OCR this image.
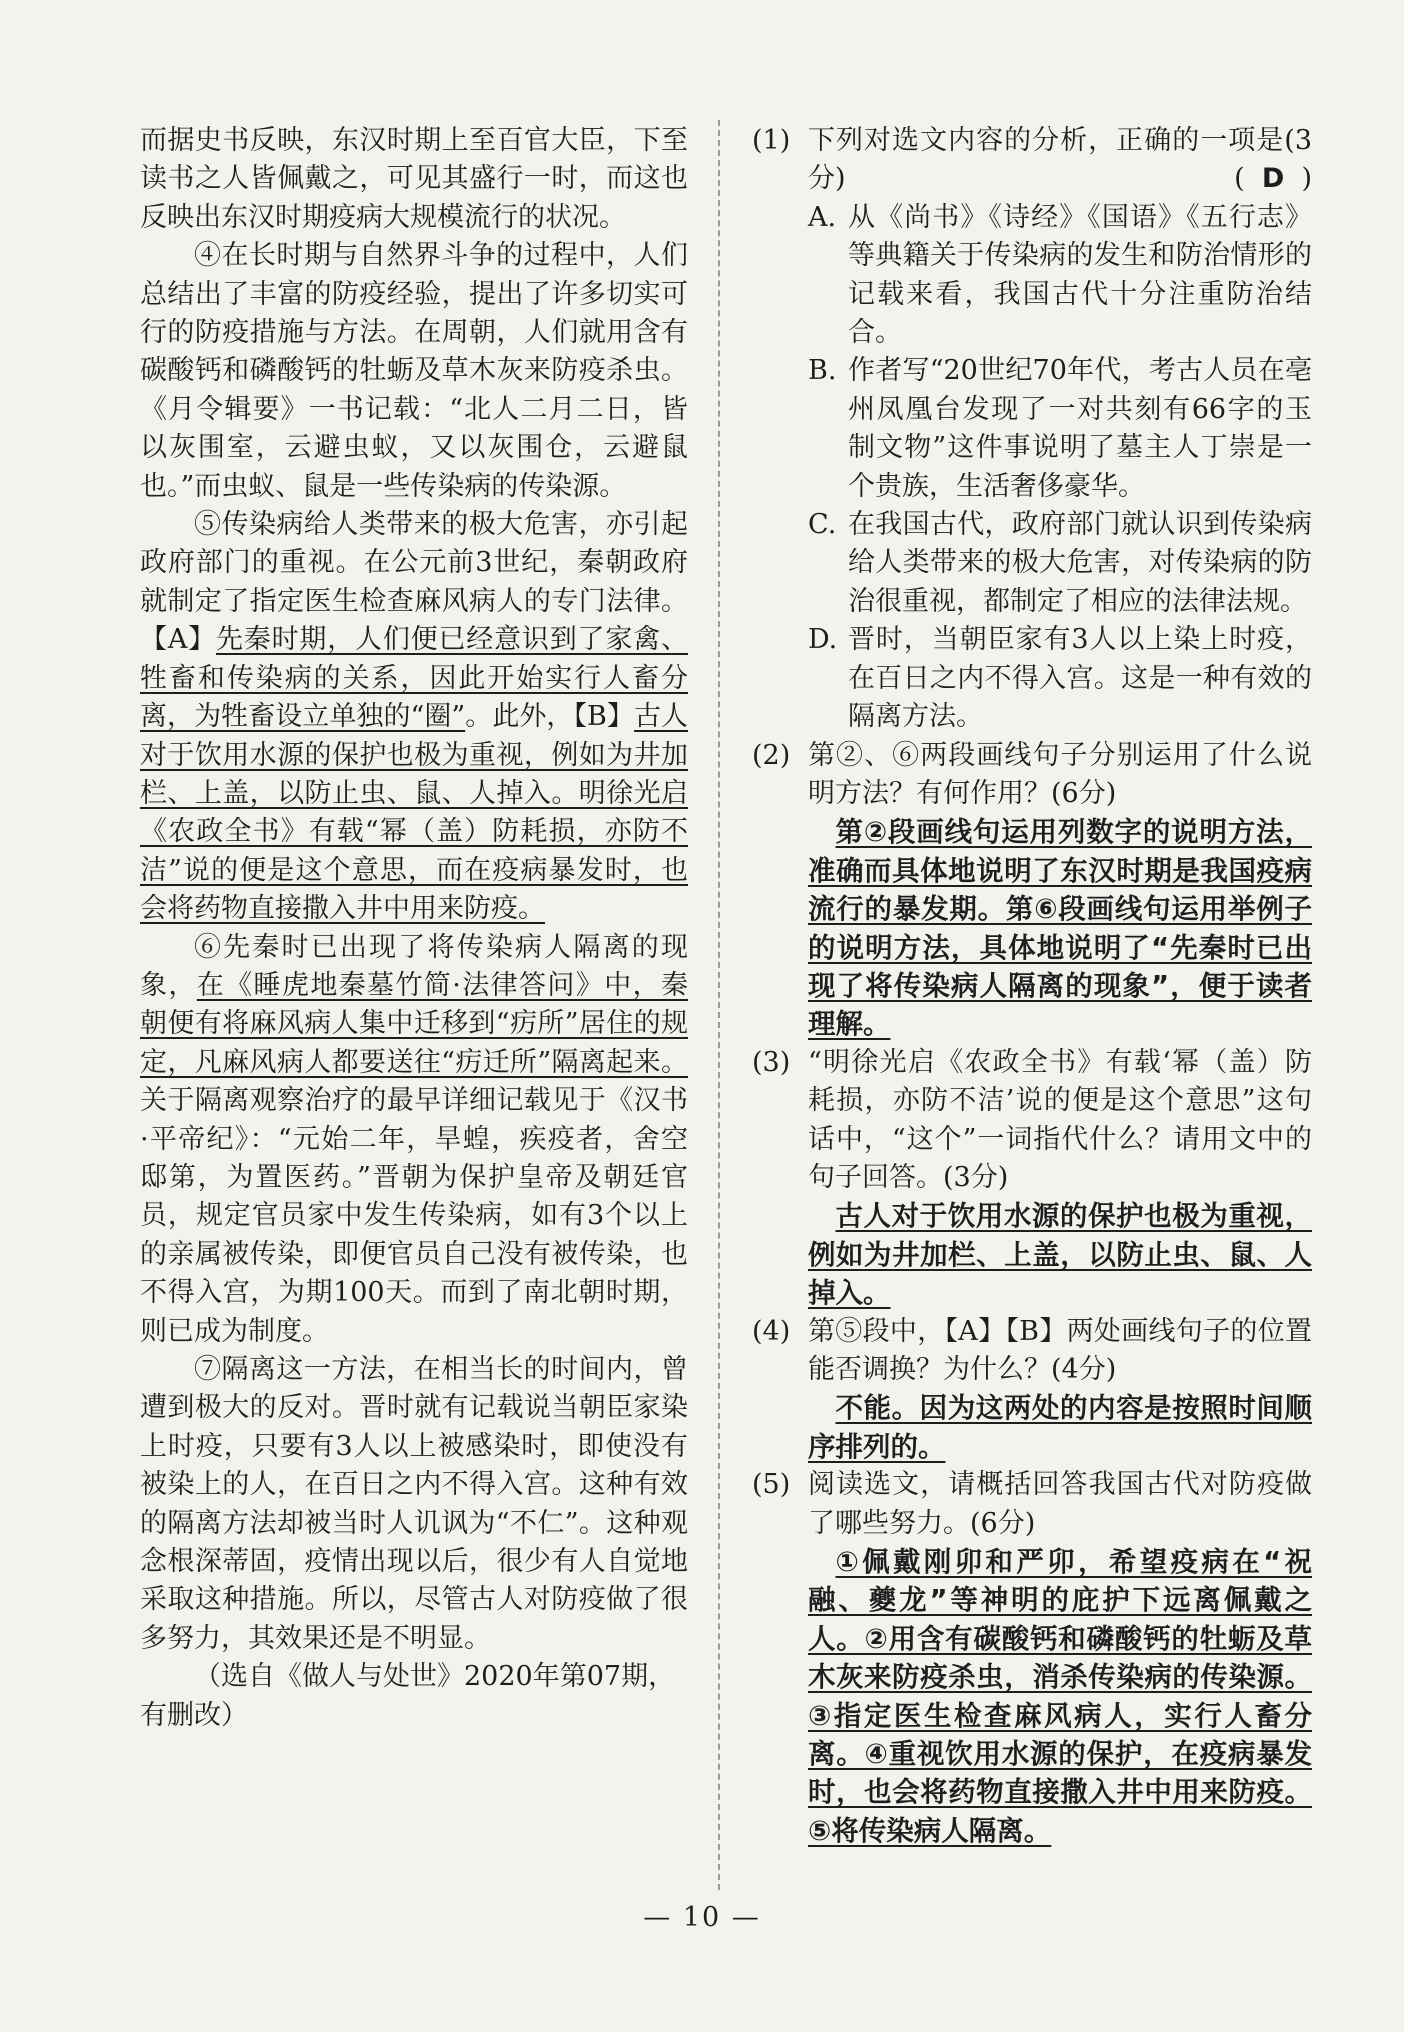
而据史书反映，东汉时期上至百官大臣，下至读书之人皆佩戴之，可见其盛行一时，而这也反映出东汉时期疫病大规模流行的状况。

④在长时期与自然界斗争的过程中，人们总结出了丰富的防疫经验，提出了许多切实可行的防疫措施与方法。在周朝，人们就用含有碳酸钙和磷酸钙的牡蛎及草木灰来防疫杀虫。《月令辑要》一书记载：“北人二月二日，皆以灰围室，云避虫蚁，又以灰围仓，云避鼠也。”而虫蚁、鼠是一些传染病的传染源。

⑤传染病给人类带来的极大危害，亦引起政府部门的重视。在公元前3世纪，秦朝政府就制定了指定医生检查麻风病人的专门法律。【A】先秦时期，人们便已经意识到了家禽、牲畜和传染病的关系，因此开始实行人畜分离，为牲畜设立单独的“圈”。此外，【B】古人对于饮用水源的保护也极为重视，例如为井加栏、上盖，以防止虫、鼠、人掉入。明徐光启《农政全书》有载“幂（盖）防耗损，亦防不洁”说的便是这个意思，而在疫病暴发时，也会将药物直接撒入井中用来防疫。

⑥先秦时已出现了将传染病人隔离的现象，在《睡虎地秦墓竹简·法律答问》中，秦朝便有将麻风病人集中迁移到“疠所”居住的规定，凡麻风病人都要送往“疠迁所”隔离起来。关于隔离观察治疗的最早详细记载见于《汉书·平帝纪》：“元始二年，旱蝗，疾疫者，舍空邸第，为置医药。”晋朝为保护皇帝及朝廷官员，规定官员家中发生传染病，如有3个以上的亲属被传染，即便官员自己没有被传染，也不得入宫，为期100天。而到了南北朝时期，则已成为制度。

⑦隔离这一方法，在相当长的时间内，曾遭到极大的反对。晋时就有记载说当朝臣家染上时疫，只要有3人以上被感染时，即使没有被染上的人，在百日之内不得入宫。这种有效的隔离方法却被当时人讥讽为“不仁”。这种观念根深蒂固，疫情出现以后，很少有人自觉地采取这种措施。所以，尽管古人对防疫做了很多努力，其效果还是不明显。

（选自《做人与处世》2020年第07期，有删改）

(1) 下列对选文内容的分析，正确的一项是(3分)	( D )

A. 从《尚书》《诗经》《国语》《五行志》等典籍关于传染病的发生和防治情形的记载来看，我国古代十分注重防治结合。

B. 作者写“20世纪70年代，考古人员在亳州凤凰台发现了一对共刻有66字的玉制文物”这件事说明了墓主人丁崇是一个贵族，生活奢侈豪华。

C. 在我国古代，政府部门就认识到传染病给人类带来的极大危害，对传染病的防治很重视，都制定了相应的法律法规。

D. 晋时，当朝臣家有3人以上染上时疫，在百日之内不得入宫。这是一种有效的隔离方法。

(2) 第②、⑥两段画线句子分别运用了什么说明方法？有何作用？(6分)

第②段画线句运用列数字的说明方法，准确而具体地说明了东汉时期是我国疫病流行的暴发期。第⑥段画线句运用举例子的说明方法，具体地说明了“先秦时已出现了将传染病人隔离的现象”，便于读者理解。

(3) “明徐光启《农政全书》有载‘幂（盖）防耗损，亦防不洁’说的便是这个意思”这句话中，“这个”一词指代什么？请用文中的句子回答。(3分)

古人对于饮用水源的保护也极为重视，例如为井加栏、上盖，以防止虫、鼠、人掉入。

(4) 第⑤段中，【A】【B】两处画线句子的位置能否调换？为什么？(4分)

不能。因为这两处的内容是按照时间顺序排列的。

(5) 阅读选文，请概括回答我国古代对防疫做了哪些努力。(6分)

①佩戴刚卯和严卯，希望疫病在“祝融、夔龙”等神明的庇护下远离佩戴之人。②用含有碳酸钙和磷酸钙的牡蛎及草木灰来防疫杀虫，消杀传染病的传染源。③指定医生检查麻风病人，实行人畜分离。④重视饮用水源的保护，在疫病暴发时，也会将药物直接撒入井中用来防疫。⑤将传染病人隔离。

— 10 —
